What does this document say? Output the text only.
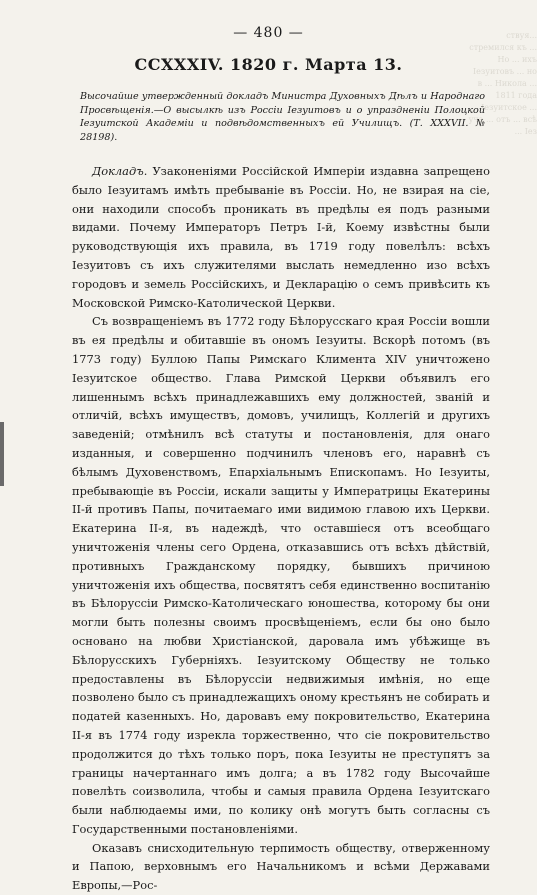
ствуя... стремился къ ... Но ... ихъ Іезуитовъ ... но в ... Никола ... 1811 года Іезуитское ... уча ... отъ ... всѣ ... Іез
— 480 —
СCXXXIV. 1820 г. Марта 13.
Высочайше утвержденный докладъ Министра Духовныхъ Дѣлъ и Народнаго Просвѣщенія.—О высылкѣ изъ Россіи Іезуитовъ и о упраздненіи Полоцкой Іезуитской Академіи и подвѣдомственныхъ ей Училищъ. (Т. XXXVII. № 28198).

Докладъ. Узаконеніями Россійской Имперіи издавна запрещено было Іезуитамъ имѣть пребываніе въ Россіи. Но, не взирая на сіе, они находили способъ проникать въ предѣлы ея подъ разными видами. Почему Императоръ Петръ I-й, Коему извѣстны были руководствующія ихъ правила, въ 1719 году повелѣлъ: всѣхъ Іезуитовъ съ ихъ служителями выслать немедленно изо всѣхъ городовъ и земель Россійскихъ, и Декларацію о семъ привѣсить къ Московской Римско-Католической Церкви.

Съ возвращеніемъ въ 1772 году Бѣлорусскаго края Россіи вошли въ ея предѣлы и обитавшіе въ ономъ Іезуиты. Вскорѣ потомъ (въ 1773 году) Буллою Папы Римскаго Климента XIV уничтожено Іезуитское общество. Глава Римской Церкви объявилъ его лишеннымъ всѣхъ принадлежавшихъ ему должностей, званій и отличій, всѣхъ имуществъ, домовъ, училищъ, Коллегій и другихъ заведеній; отмѣнилъ всѣ статуты и постановленія, для онаго изданныя, и совершенно подчинилъ членовъ его, наравнѣ съ бѣлымъ Духовенствомъ, Епархіальнымъ Епископамъ. Но Іезуиты, пребывающіе въ Россіи, искали защиты у Императрицы Екатерины II-й противъ Папы, почитаемаго ими видимою главою ихъ Церкви. Екатерина II-я, въ надеждѣ, что оставшіеся отъ всеобщаго уничтоженія члены сего Ордена, отказавшись отъ всѣхъ дѣйствій, противныхъ Гражданскому порядку, бывшихъ причиною уничтоженія ихъ общества, посвятятъ себя единственно воспитанію въ Бѣлоруссіи Римско-Католическаго юношества, которому бы они могли быть полезны своимъ просвѣщеніемъ, если бы оно было основано на любви Христіанской, даровала имъ убѣжище въ Бѣлорусскихъ Губерніяхъ. Іезуитскому Обществу не только предоставлены въ Бѣлоруссіи недвижимыя имѣнія, но еще позволено было съ принадлежащихъ оному крестьянъ не собирать и податей казенныхъ. Но, даровавъ ему покровительство, Екатерина II-я въ 1774 году изрекла торжественно, что сіе покровительство продолжится до тѣхъ только поръ, пока Іезуиты не преступятъ за границы начертаннаго имъ долга; а въ 1782 году Высочайше повелѣть соизволила, чтобы и самыя правила Ордена Іезуитскаго были наблюдаемы ими, по колику онѣ могутъ быть согласны съ Государственными постановленіями.

Оказавъ снисходительную терпимость обществу, отверженному и Папою, верховнымъ его Начальникомъ и всѣми Державами Европы,—Рос-
